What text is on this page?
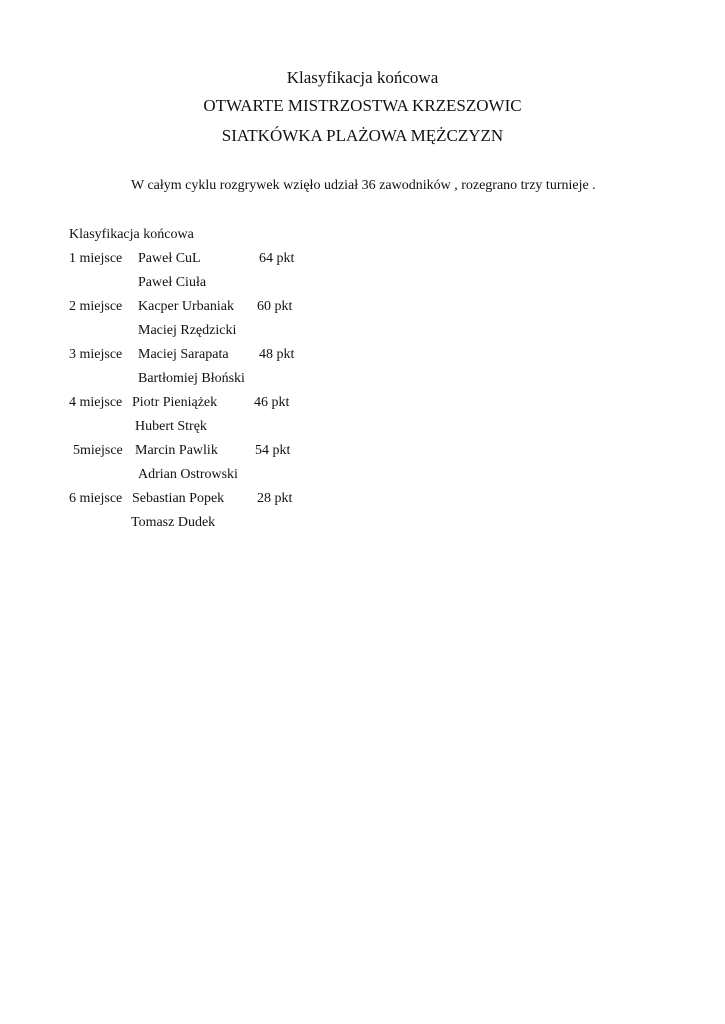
Klasyfikacja końcowa
OTWARTE MISTRZOSTWA KRZESZOWIC
SIATKÓWKA PLAŻOWA MĘŻCZYZN
W całym cyklu rozgrywek wzięło udział 36 zawodników , rozegrano trzy turnieje .
Klasyfikacja końcowa
1 miejsce Paweł CuL	64 pkt
Paweł Ciuła
2 miejsce Kacper Urbaniak 60 pkt
Maciej Rzędzicki
3 miejsce Maciej Sarapata 48 pkt
Bartłomiej Błoński
4 miejsce Piotr Pieniążek	46 pkt
Hubert Stręk
5miejsce Marcin Pawlik	54 pkt
Adrian Ostrowski
6 miejsce Sebastian Popek 28 pkt
Tomasz Dudek
